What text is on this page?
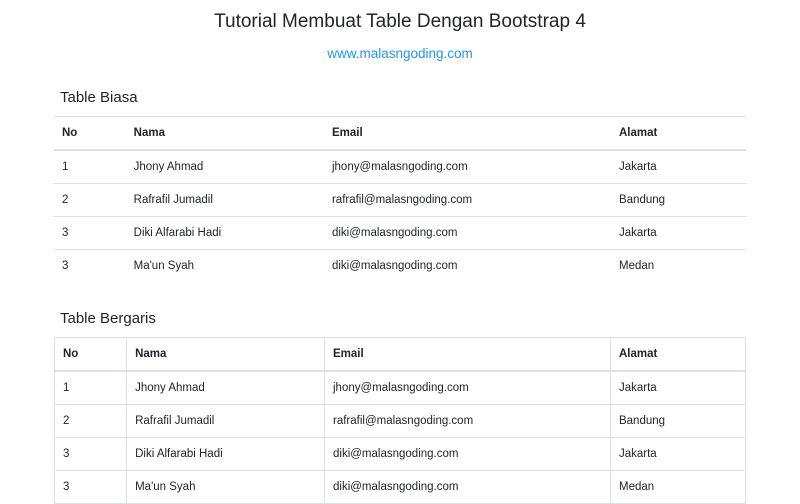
Tutorial Membuat Table Dengan Bootstrap 4
www.malasngoding.com
Table Biasa
No	Nama	Email	Alamat
1	Jhony Ahmad	jhony@malasngoding.com	Jakarta
2	Rafrafil Jumadil	rafrafil@malasngoding.com	Bandung
3	Diki Alfarabi Hadi	diki@malasngoding.com	Jakarta
3	Ma'un Syah	diki@malasngoding.com	Medan
Table Bergaris
No	Nama	Email	Alamat
1	Jhony Ahmad	jhony@malasngoding.com	Jakarta
2	Rafrafil Jumadil	rafrafil@malasngoding.com	Bandung
3	Diki Alfarabi Hadi	diki@malasngoding.com	Jakarta
3	Ma'un Syah	diki@malasngoding.com	Medan
